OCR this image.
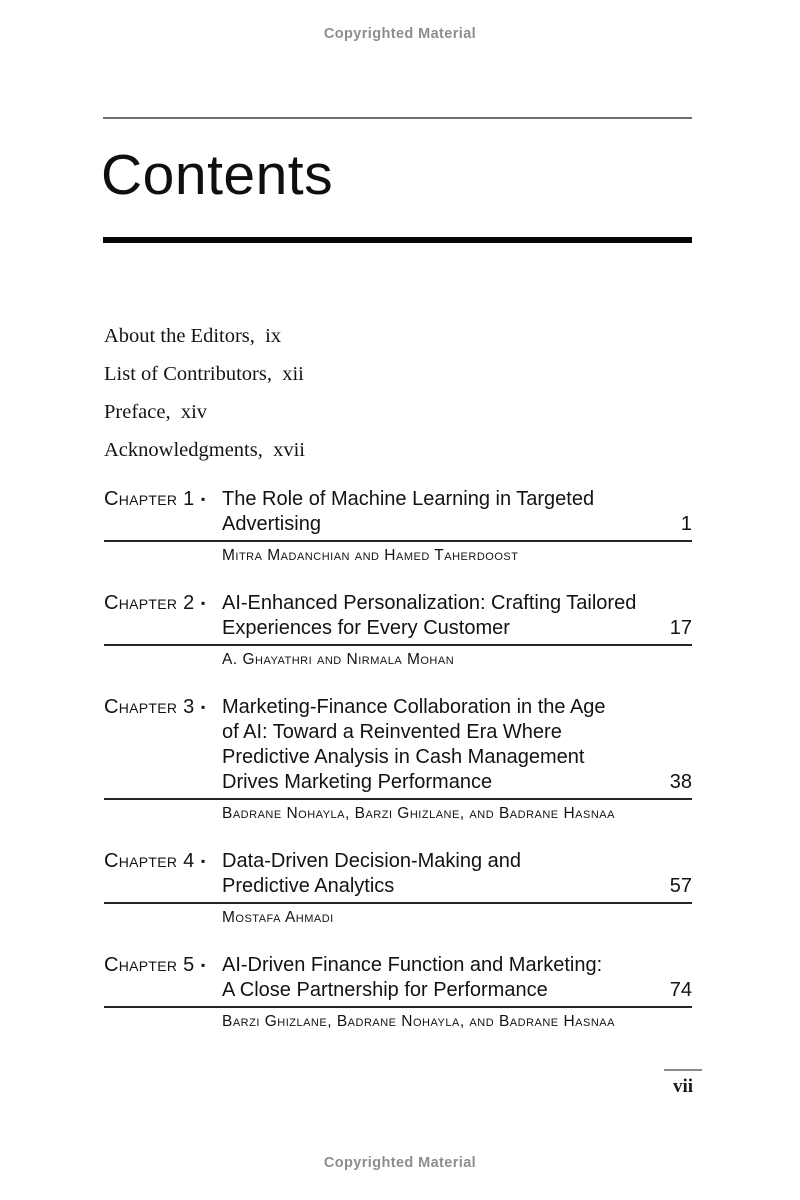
Copyrighted Material
Contents
About the Editors, ix
List of Contributors, xii
Preface, xiv
Acknowledgments, xvii
Chapter 1 ▪ The Role of Machine Learning in Targeted
Advertising	1
Mitra Madanchian and Hamed Taherdoost
Chapter 2 ▪ AI-Enhanced Personalization: Crafting Tailored
Experiences for Every Customer	17
A. Ghayathri and Nirmala Mohan
Chapter 3 ▪ Marketing-Finance Collaboration in the Age
of AI: Toward a Reinvented Era Where
Predictive Analysis in Cash Management
Drives Marketing Performance	38
Badrane Nohayla, Barzi Ghizlane, and Badrane Hasnaa
Chapter 4 ▪ Data-Driven Decision-Making and
Predictive Analytics	57
Mostafa Ahmadi
Chapter 5 ▪ AI-Driven Finance Function and Marketing:
A Close Partnership for Performance	74
Barzi Ghizlane, Badrane Nohayla, and Badrane Hasnaa
vii
Copyrighted Material
